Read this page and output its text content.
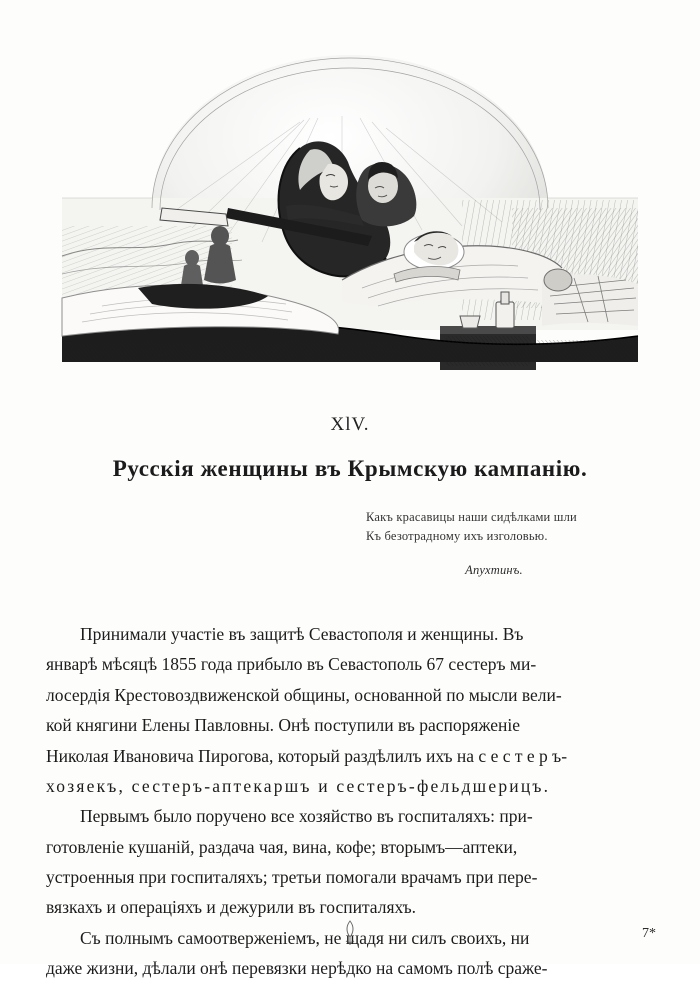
XlV.
Русскія женщины въ Крымскую кампанію.
Какъ красавицы наши сидѣлками шли
Къ безотрадному ихъ изголовью.
Апухтинъ.

Принимали участіе въ защитѣ Севастополя и женщины. Въ

январѣ мѣсяцѣ 1855 года прибыло въ Севастополь 67 сестеръ ми-

лосердія Крестовоздвиженской общины, основанной по мысли вели-

кой княгини Елены Павловны. Онѣ поступили въ распоряженіе

Николая Ивановича Пирогова, который раздѣлилъ ихъ на с е с т е р ъ-

хозяекъ, сестеръ-аптекаршъ и сестеръ-фельдшерицъ.

Первымъ было поручено все хозяйство въ госпиталяхъ: при-

готовленіе кушаній, раздача чая, вина, кофе; вторымъ—аптеки,

устроенныя при госпиталяхъ; третьи помогали врачамъ при пере-

вязкахъ и операціяхъ и дежурили въ госпиталяхъ.

Съ полнымъ самоотверженіемъ, не щадя ни силъ своихъ, ни

даже жизни, дѣлали онѣ перевязки нерѣдко на самомъ полѣ сраже-

7*
